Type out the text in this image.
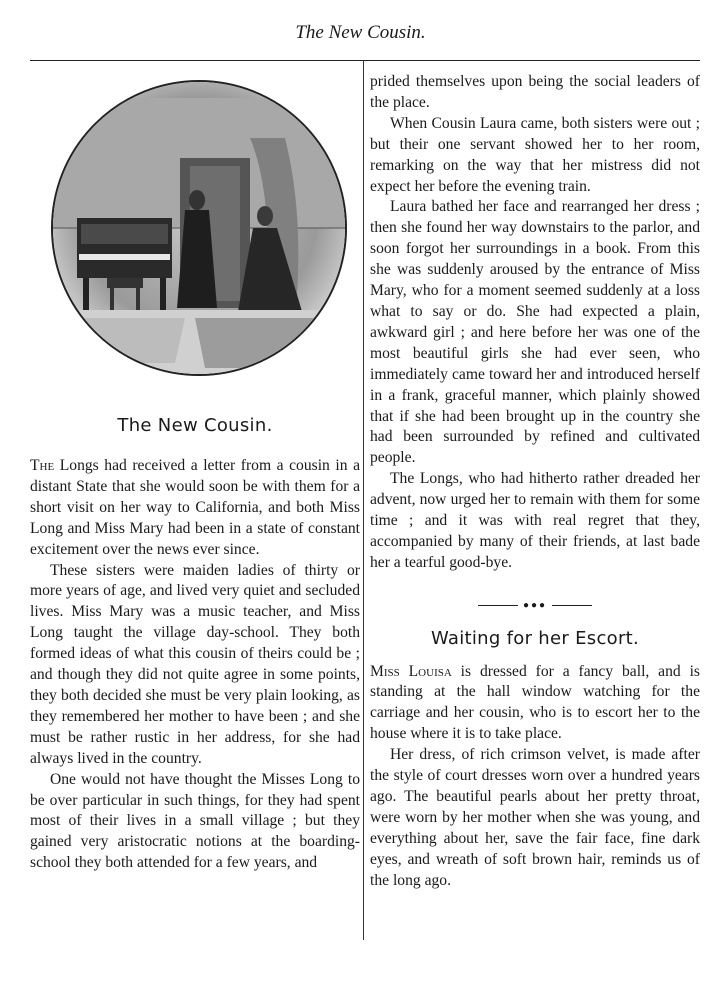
The New Cousin.
The New Cousin.

The Longs had received a letter from a cousin in a distant State that she would soon be with them for a short visit on her way to California, and both Miss Long and Miss Mary had been in a state of constant excitement over the news ever since.

These sisters were maiden ladies of thirty or more years of age, and lived very quiet and secluded lives. Miss Mary was a music teacher, and Miss Long taught the village day-school. They both formed ideas of what this cousin of theirs could be ; and though they did not quite agree in some points, they both decided she must be very plain looking, as they remembered her mother to have been ; and she must be rather rustic in her address, for she had always lived in the country.

One would not have thought the Misses Long to be over particular in such things, for they had spent most of their lives in a small village ; but they gained very aristocratic notions at the boarding-school they both attended for a few years, and

prided themselves upon being the social leaders of the place.

When Cousin Laura came, both sisters were out ; but their one servant showed her to her room, remarking on the way that her mistress did not expect her before the evening train.

Laura bathed her face and rearranged her dress ; then she found her way downstairs to the parlor, and soon forgot her surroundings in a book. From this she was suddenly aroused by the entrance of Miss Mary, who for a moment seemed suddenly at a loss what to say or do. She had expected a plain, awkward girl ; and here before her was one of the most beautiful girls she had ever seen, who immediately came toward her and introduced herself in a frank, graceful manner, which plainly showed that if she had been brought up in the country she had been surrounded by refined and cultivated people.

The Longs, who had hitherto rather dreaded her advent, now urged her to remain with them for some time ; and it was with real regret that they, accompanied by many of their friends, at last bade her a tearful good-bye.

●●●
Waiting for her Escort.

Miss Louisa is dressed for a fancy ball, and is standing at the hall window watching for the carriage and her cousin, who is to escort her to the house where it is to take place.

Her dress, of rich crimson velvet, is made after the style of court dresses worn over a hundred years ago. The beautiful pearls about her pretty throat, were worn by her mother when she was young, and everything about her, save the fair face, fine dark eyes, and wreath of soft brown hair, reminds us of the long ago.
